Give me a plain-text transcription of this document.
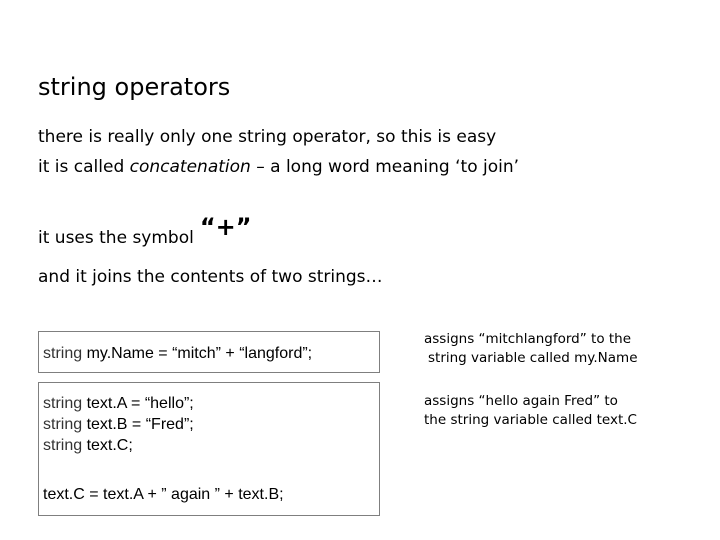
string operators
there is really only one string operator, so this is easy
it is called concatenation – a long word meaning ‘to join’
it uses the symbol “+”
and it joins the contents of two strings…
string my.Name = “mitch” + “langford”;
assigns “mitchlangford” to the
string variable called my.Name
string text.A = “hello”;
string text.B = “Fred”;
string text.C;
text.C = text.A + ” again ” + text.B;
assigns “hello again Fred” to
the string variable called text.C
